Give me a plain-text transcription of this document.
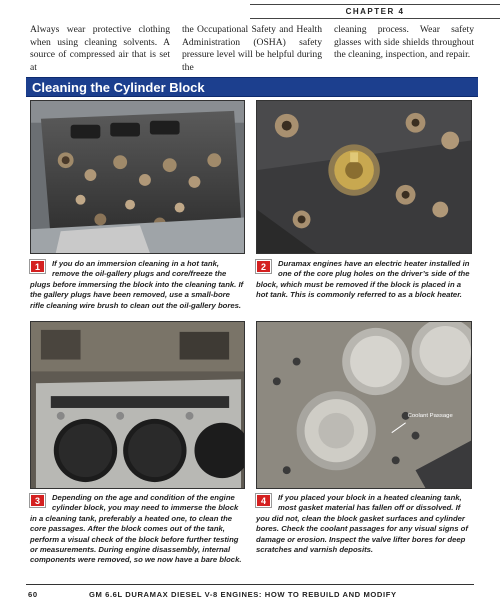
CHAPTER 4

Always wear protective clothing when using cleaning solvents. A source of compressed air that is set at

the Occupational Safety and Health Administration (OSHA) safety pressure level will be helpful during the

cleaning process. Wear safety glasses with side shields throughout the cleaning, inspection, and repair.

Cleaning the Cylinder Block
Coolant Passage
1	If you do an immersion cleaning in a hot tank, remove the oil-gallery plugs and core/freeze the plugs before immersing the block into the cleaning tank. If the gallery plugs have been removed, use a small-bore rifle cleaning wire brush to clean out the oil-gallery bores.
2	Duramax engines have an electric heater installed in one of the core plug holes on the driver’s side of the block, which must be removed if the block is placed in a hot tank. This is commonly referred to as a block heater.
3	Depending on the age and condition of the engine cylinder block, you may need to immerse the block in a cleaning tank, preferably a heated one, to clean the core passages. After the block comes out of the tank, perform a visual check of the block before further testing or measurements. During engine disassembly, internal components were removed, so we now have a bare block.
4	If you placed your block in a heated cleaning tank, most gasket material has fallen off or dissolved. If you did not, clean the block gasket surfaces and cylinder bores. Check the coolant passages for any visual signs of damage or erosion. Inspect the valve lifter bores for deep scratches and varnish deposits.
60	GM 6.6L DURAMAX DIESEL V-8 ENGINES: HOW TO REBUILD AND MODIFY
